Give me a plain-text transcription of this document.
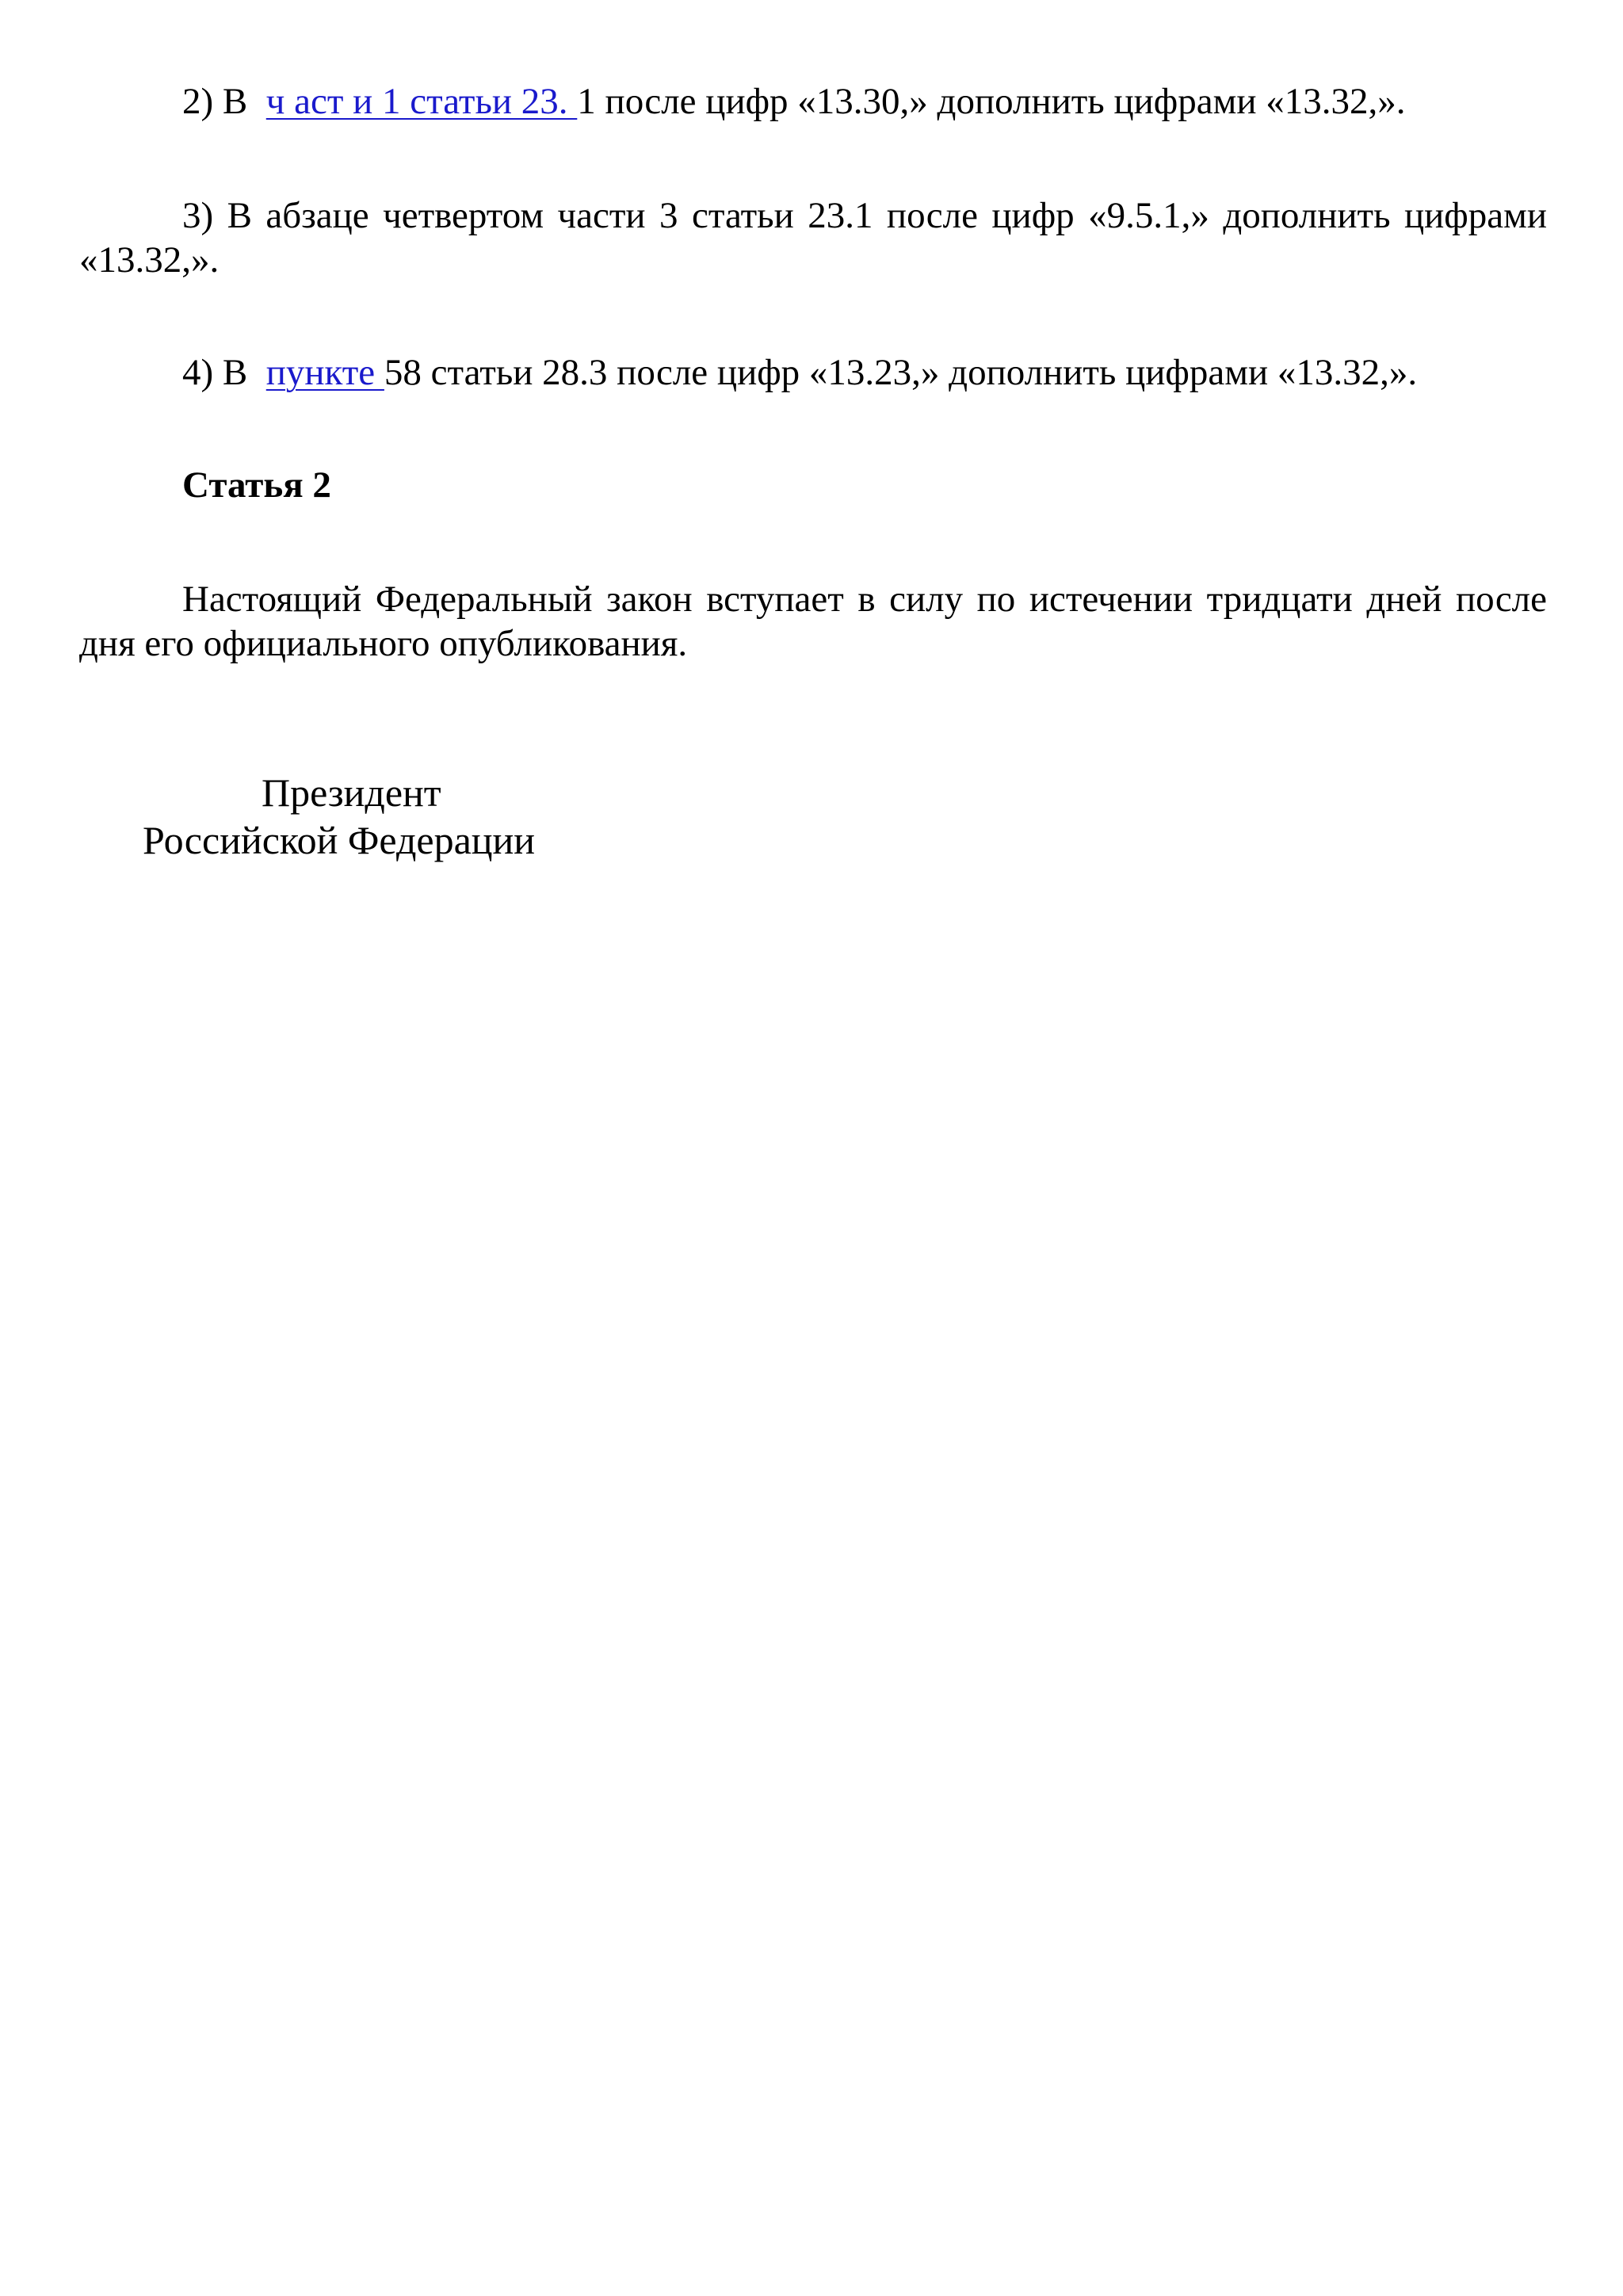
2) В ч аст и 1 статьи 23. 1 после цифр «13.30,» дополнить цифрами «13.32,».

3) В абзаце четвертом части 3 статьи 23.1 после цифр «9.5.1,» дополнить цифрами «13.32,».

4) В пункте 58 статьи 28.3 после цифр «13.23,» дополнить цифрами «13.32,».

Статья 2

Настоящий Федеральный закон вступает в силу по истечении тридцати дней после дня его официального опубликования.

Президент
Российской Федерации
